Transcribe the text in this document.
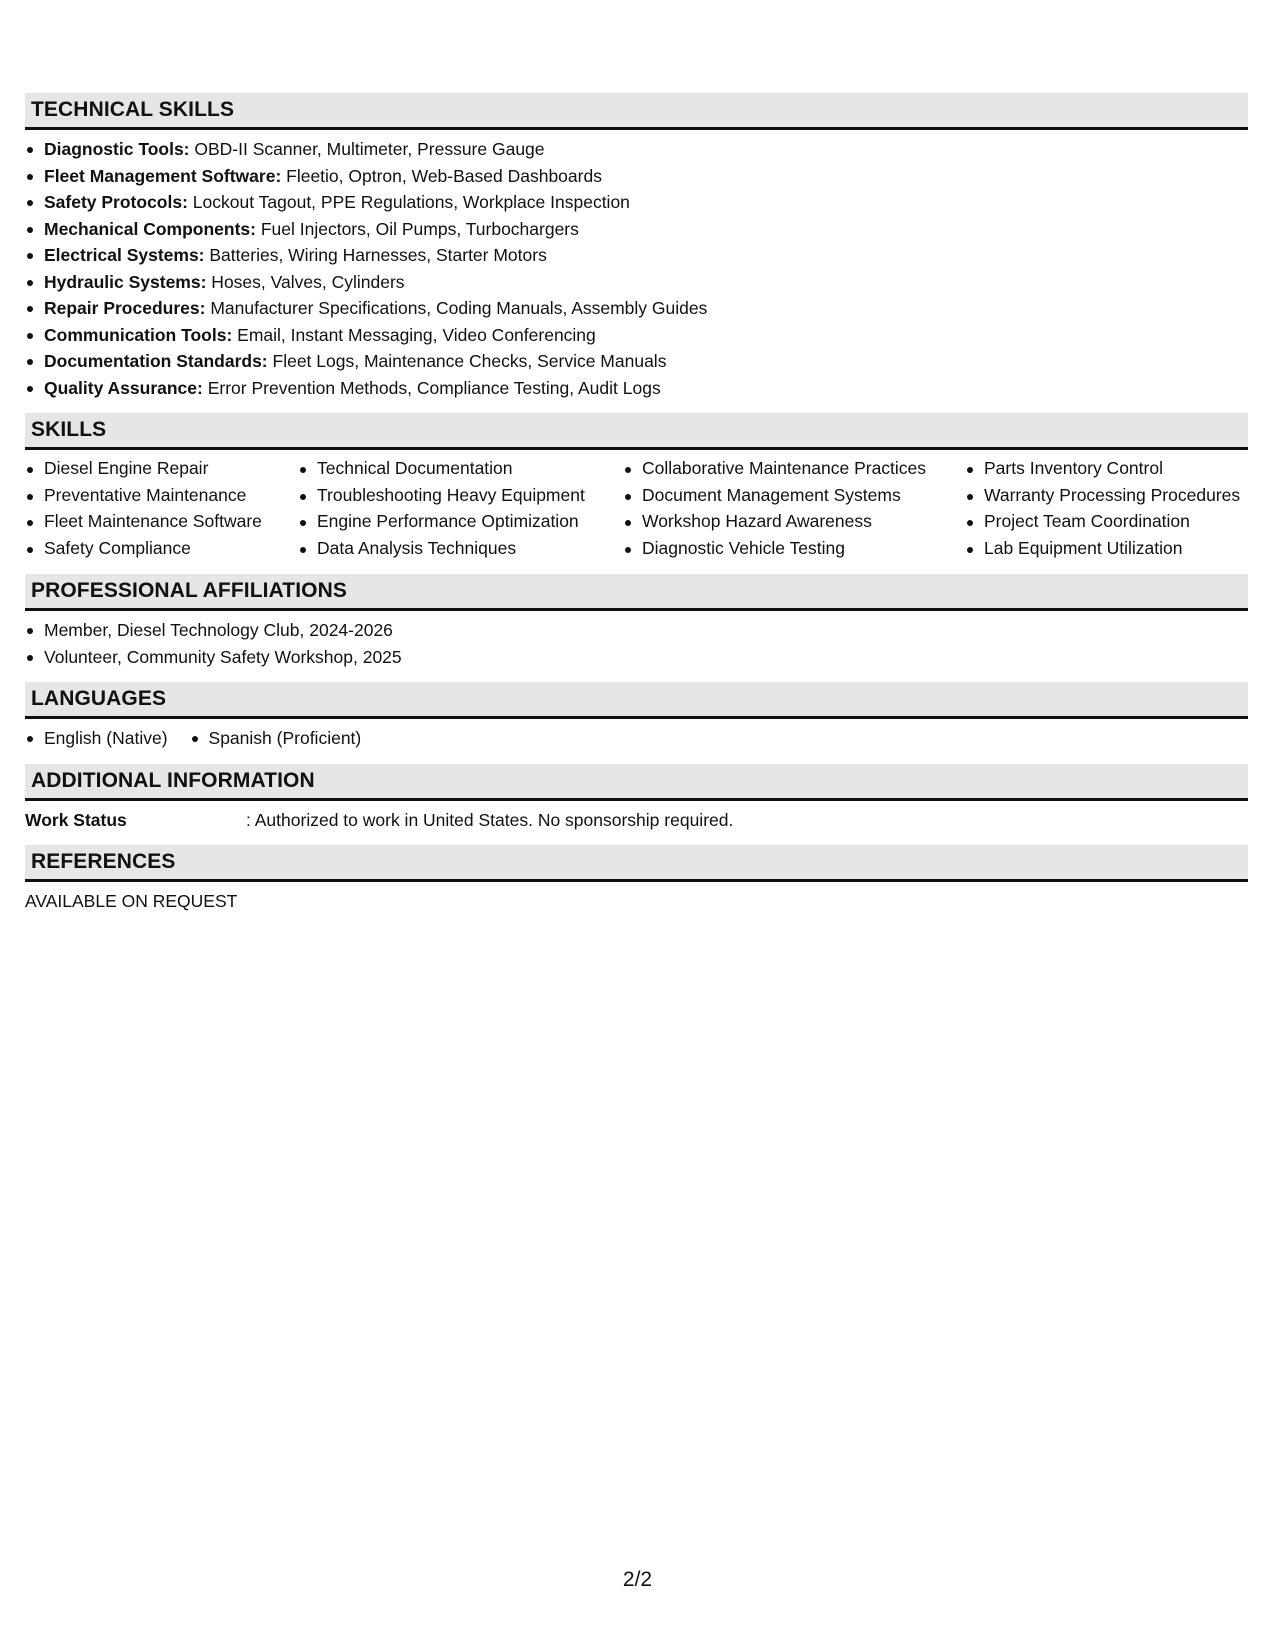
TECHNICAL SKILLS
Diagnostic Tools: OBD-II Scanner, Multimeter, Pressure Gauge
Fleet Management Software: Fleetio, Optron, Web-Based Dashboards
Safety Protocols: Lockout Tagout, PPE Regulations, Workplace Inspection
Mechanical Components: Fuel Injectors, Oil Pumps, Turbochargers
Electrical Systems: Batteries, Wiring Harnesses, Starter Motors
Hydraulic Systems: Hoses, Valves, Cylinders
Repair Procedures: Manufacturer Specifications, Coding Manuals, Assembly Guides
Communication Tools: Email, Instant Messaging, Video Conferencing
Documentation Standards: Fleet Logs, Maintenance Checks, Service Manuals
Quality Assurance: Error Prevention Methods, Compliance Testing, Audit Logs
SKILLS
Diesel Engine Repair
Preventative Maintenance
Fleet Maintenance Software
Safety Compliance
Technical Documentation
Troubleshooting Heavy Equipment
Engine Performance Optimization
Data Analysis Techniques
Collaborative Maintenance Practices
Document Management Systems
Workshop Hazard Awareness
Diagnostic Vehicle Testing
Parts Inventory Control
Warranty Processing Procedures
Project Team Coordination
Lab Equipment Utilization
PROFESSIONAL AFFILIATIONS
Member, Diesel Technology Club, 2024-2026
Volunteer, Community Safety Workshop, 2025
LANGUAGES
English (Native)	Spanish (Proficient)
ADDITIONAL INFORMATION
Work Status	: Authorized to work in United States. No sponsorship required.
REFERENCES
AVAILABLE ON REQUEST
2/2
